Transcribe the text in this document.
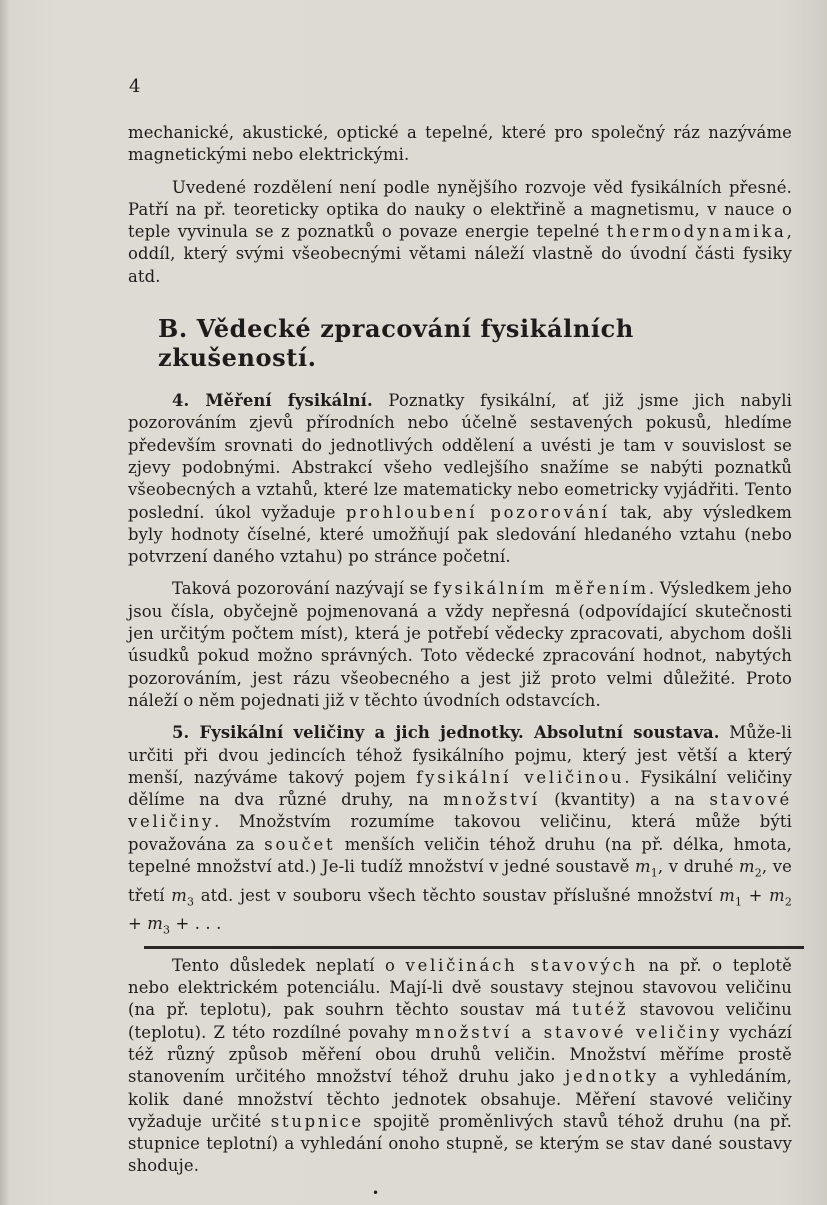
4

mechanické, akustické, optické a tepelné, které pro společný ráz nazýváme magnetickými nebo elektrickými.

Uvedené rozdělení není podle nynějšího rozvoje věd fysikálních přesné. Patří na př. teoreticky optika do nauky o elektřině a magnetismu, v nauce o teple vyvinula se z poznatků o povaze energie tepelné thermodynamika, oddíl, který svými všeobecnými větami náleží vlastně do úvodní části fysiky atd.

B. Vědecké zpracování fysikálních zkušeností.

4. Měření fysikální. Poznatky fysikální, ať již jsme jich nabyli pozorováním zjevů přírodních nebo účelně sestavených pokusů, hledíme především srovnati do jednotlivých oddělení a uvésti je tam v souvislost se zjevy podobnými. Abstrakcí všeho vedlejšího snažíme se nabýti poznatků všeobecných a vztahů, které lze matematicky nebo eometricky vyjádřiti. Tento poslední. úkol vyžaduje prohloubení pozorování tak, aby výsledkem byly hodnoty číselné, které umožňují pak sledování hledaného vztahu (nebo potvrzení daného vztahu) po stránce početní.

Taková pozorování nazývají se fysikálním měřením. Výsledkem jeho jsou čísla, obyčejně pojmenovaná a vždy nepřesná (odpovídající skutečnosti jen určitým počtem míst), která je potřebí vědecky zpracovati, abychom došli úsudků pokud možno správných. Toto vědecké zpracování hodnot, nabytých pozorováním, jest rázu všeobecného a jest již proto velmi důležité. Proto náleží o něm pojednati již v těchto úvodních odstavcích.

5. Fysikální veličiny a jich jednotky. Absolutní soustava. Může-li určiti při dvou jedincích téhož fysikálního pojmu, který jest větší a který menší, nazýváme takový pojem fysikální veličinou. Fysikální veličiny dělíme na dva různé druhy, na množství (kvantity) a na stavové veličiny. Množstvím rozumíme takovou veličinu, která může býti považována za součet menších veličin téhož druhu (na př. délka, hmota, tepelné množství atd.) Je-li tudíž množství v jedné soustavě $m_1$, v druhé $m_2$, ve třetí $m_3$ atd. jest v souboru všech těchto soustav příslušné množství $m_1 + m_2 + m_3$ + . . .

Tento důsledek neplatí o veličinách stavových na př. o teplotě nebo elektrickém potenciálu. Mají-li dvě soustavy stejnou stavovou veličinu (na př. teplotu), pak souhrn těchto soustav má tutéž stavovou veličinu (teplotu). Z této rozdílné povahy množství a stavové veličiny vychází též různý způsob měření obou druhů veličin. Množství měříme prostě stanovením určitého množství téhož druhu jako jednotky a vyhledáním, kolik dané množství těchto jednotek obsahuje. Měření stavové veličiny vyžaduje určité stupnice spojitě proměnlivých stavů téhož druhu (na př. stupnice teplotní) a vyhledání onoho stupně, se kterým se stav dané soustavy shoduje.

•
